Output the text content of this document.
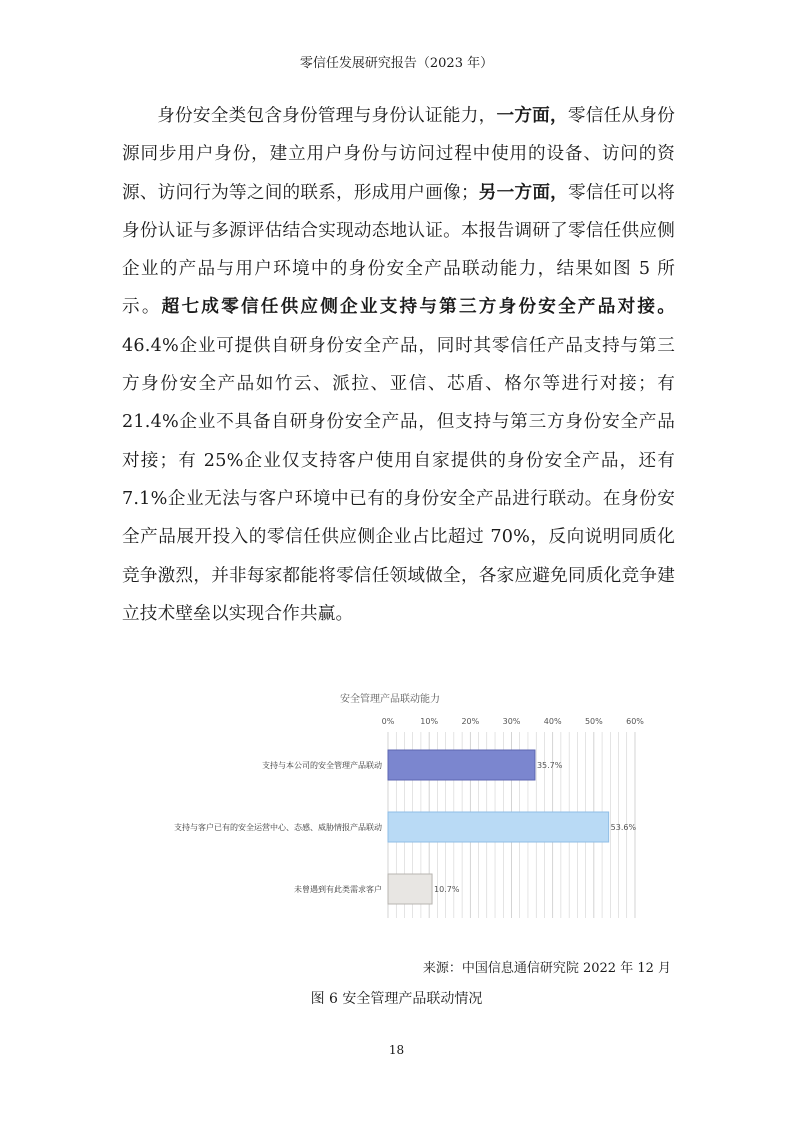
零信任发展研究报告（2023 年）

身份安全类包含身份管理与身份认证能力，一方面，零信任从身份源同步用户身份，建立用户身份与访问过程中使用的设备、访问的资源、访问行为等之间的联系，形成用户画像；另一方面，零信任可以将身份认证与多源评估结合实现动态地认证。本报告调研了零信任供应侧企业的产品与用户环境中的身份安全产品联动能力，结果如图 5 所示。超七成零信任供应侧企业支持与第三方身份安全产品对接。46.4%企业可提供自研身份安全产品，同时其零信任产品支持与第三方身份安全产品如竹云、派拉、亚信、芯盾、格尔等进行对接；有 21.4%企业不具备自研身份安全产品，但支持与第三方身份安全产品对接；有 25%企业仅支持客户使用自家提供的身份安全产品，还有 7.1%企业无法与客户环境中已有的身份安全产品进行联动。在身份安全产品展开投入的零信任供应侧企业占比超过 70%，反向说明同质化竞争激烈，并非每家都能将零信任领域做全，各家应避免同质化竞争建立技术壁垒以实现合作共赢。

安全管理产品联动能力
0%	10%	20%	30%	40%	50%	60%
支持与本公司的安全管理产品联动	35.7%
支持与客户已有的安全运营中心、态感、威胁情报产品联动	53.6%
未曾遇到有此类需求客户	10.7%
来源：中国信息通信研究院 2022 年 12 月
图 6 安全管理产品联动情况
18
